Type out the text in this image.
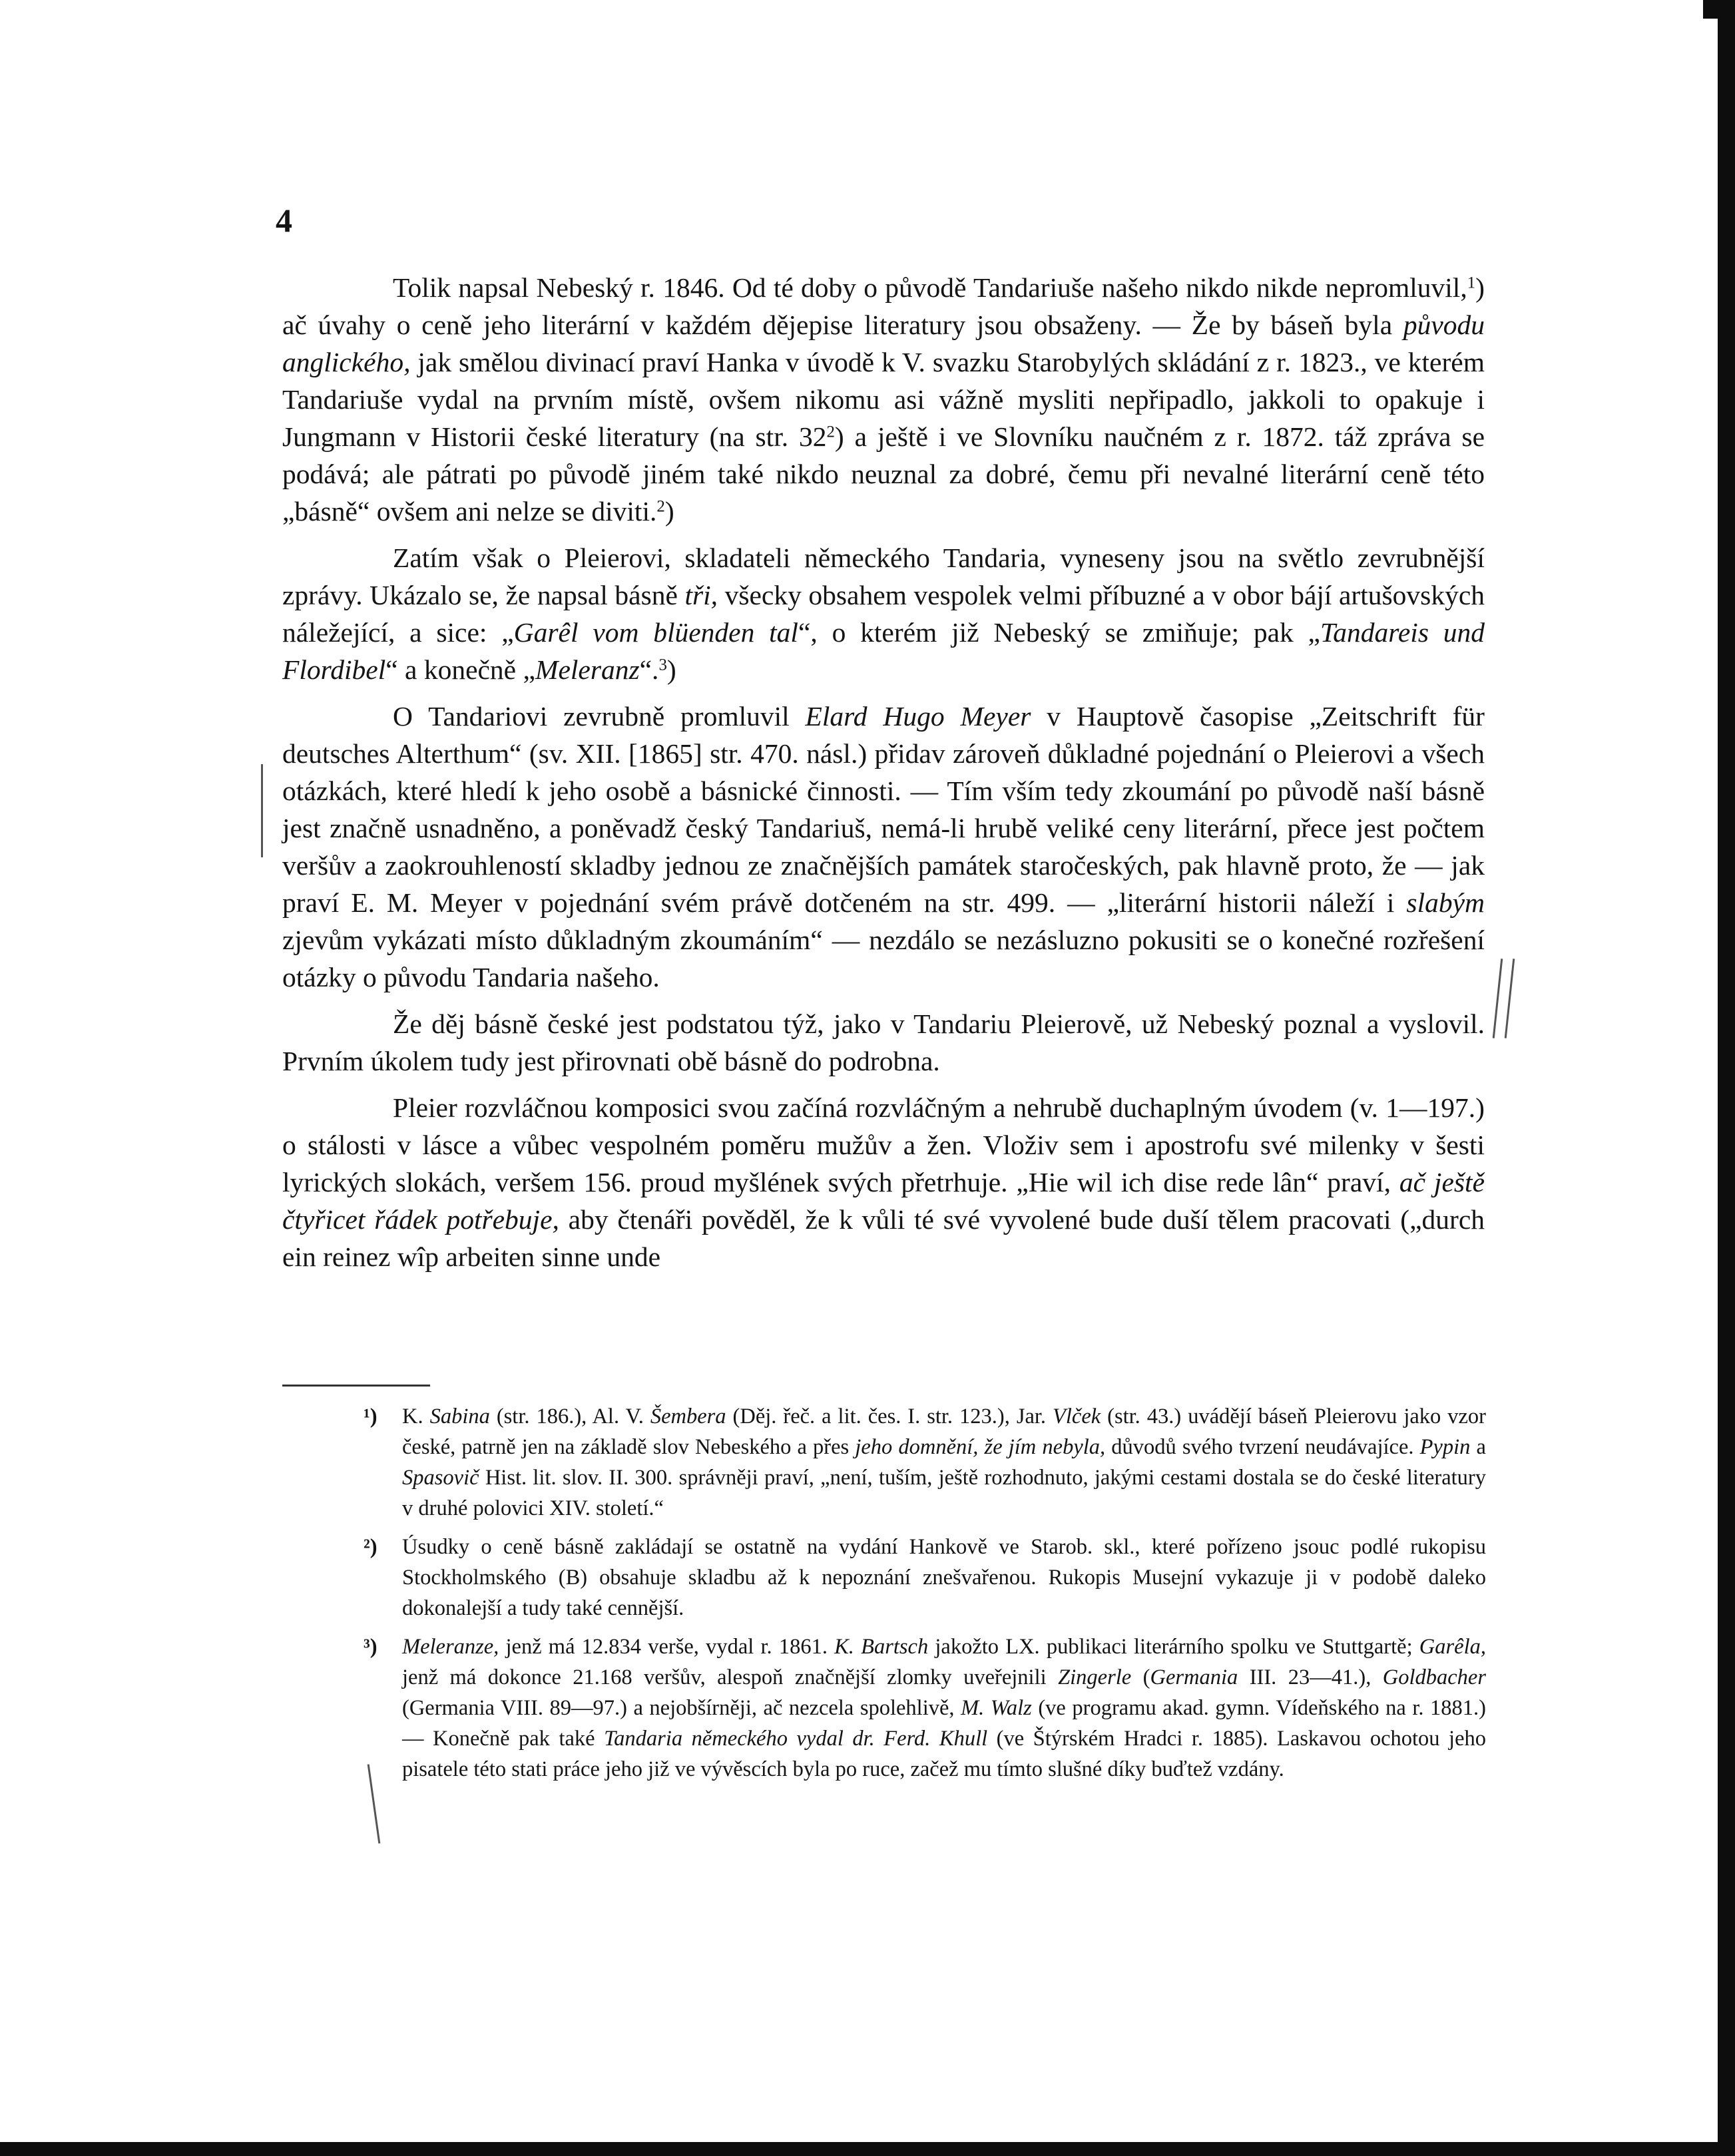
4

Tolik napsal Nebeský r. 1846. Od té doby o původě Tandariuše našeho nikdo nikde nepromluvil,$^1$) ač úvahy o ceně jeho literární v každém dějepise literatury jsou obsaženy. — Že by báseň byla původu anglického, jak smělou divinací praví Hanka v úvodě k V. svazku Starobylých skládání z r. 1823., ve kterém Tandariuše vydal na prvním místě, ovšem nikomu asi vážně mysliti nepřipadlo, jakkoli to opakuje i Jungmann v Historii české literatury (na str. $32^2$) a ještě i ve Slovníku naučném z r. 1872. táž zpráva se podává; ale pátrati po původě jiném také nikdo neuznal za dobré, čemu při nevalné literární ceně této „básně“ ovšem ani nelze se diviti.$^2$)

Zatím však o Pleierovi, skladateli německého Tandaria, vyneseny jsou na světlo zevrubnější zprávy. Ukázalo se, že napsal básně tři, všecky obsahem vespolek velmi příbuzné a v obor bájí artušovských náležející, a sice: „Garêl vom blüenden tal“, o kterém již Nebeský se zmiňuje; pak „Tandareis und Flordibel“ a konečně „Meleranz“.$^3$)

O Tandariovi zevrubně promluvil Elard Hugo Meyer v Hauptově časopise „Zeitschrift für deutsches Alterthum“ (sv. XII. [1865] str. 470. násl.) přidav zároveň důkladné pojednání o Pleierovi a všech otázkách, které hledí k jeho osobě a básnické činnosti. — Tím vším tedy zkoumání po původě naší básně jest značně usnadněno, a poněvadž český Tandariuš, nemá-li hrubě veliké ceny literární, přece jest počtem veršův a zaokrouhleností skladby jednou ze značnějších památek staročeských, pak hlavně proto, že — jak praví E. M. Meyer v pojednání svém právě dotčeném na str. 499. — „literární historii náleží i slabým zjevům vykázati místo důkladným zkoumáním“ — nezdálo se nezásluzno pokusiti se o konečné rozřešení otázky o původu Tandaria našeho.

Že děj básně české jest podstatou týž, jako v Tandariu Pleierově, už Nebeský poznal a vyslovil. Prvním úkolem tudy jest přirovnati obě básně do podrobna.

Pleier rozvláčnou komposici svou začíná rozvláčným a nehrubě duchaplným úvodem (v. 1—197.) o stálosti v lásce a vůbec vespolném poměru mužův a žen. Vloživ sem i apostrofu své milenky v šesti lyrických slokách, veršem 156. proud myšlének svých přetrhuje. „Hie wil ich dise rede lân“ praví, ač ještě čtyřicet řádek potřebuje, aby čtenáři pověděl, že k vůli té své vyvolené bude duší tělem pracovati („durch ein reinez wîp arbeiten sinne unde

¹) K. Sabina (str. 186.), Al. V. Šembera (Děj. řeč. a lit. čes. I. str. 123.), Jar. Vlček (str. 43.) uvádějí báseň Pleierovu jako vzor české, patrně jen na základě slov Nebeského a přes jeho domnění, že jím nebyla, důvodů svého tvrzení neudávajíce. Pypin a Spasovič Hist. lit. slov. II. 300. správněji praví, „není, tuším, ještě rozhodnuto, jakými cestami dostala se do české literatury v druhé polovici XIV. století.“
²) Úsudky o ceně básně zakládají se ostatně na vydání Hankově ve Starob. skl., které pořízeno jsouc podlé rukopisu Stockholmského (B) obsahuje skladbu až k nepoznání znešvařenou. Rukopis Musejní vykazuje ji v podobě daleko dokonalejší a tudy také cennější.
³) Meleranze, jenž má 12.834 verše, vydal r. 1861. K. Bartsch jakožto LX. publikaci literárního spolku ve Stuttgartě; Garêla, jenž má dokonce 21.168 veršův, alespoň značnější zlomky uveřejnili Zingerle (Germania III. 23—41.), Goldbacher (Germania VIII. 89—97.) a nejobšírněji, ač nezcela spolehlivě, M. Walz (ve programu akad. gymn. Vídeňského na r. 1881.) — Konečně pak také Tandaria německého vydal dr. Ferd. Khull (ve Štýrském Hradci r. 1885). Laskavou ochotou jeho pisatele této stati práce jeho již ve vývěscích byla po ruce, začež mu tímto slušné díky buďtež vzdány.
